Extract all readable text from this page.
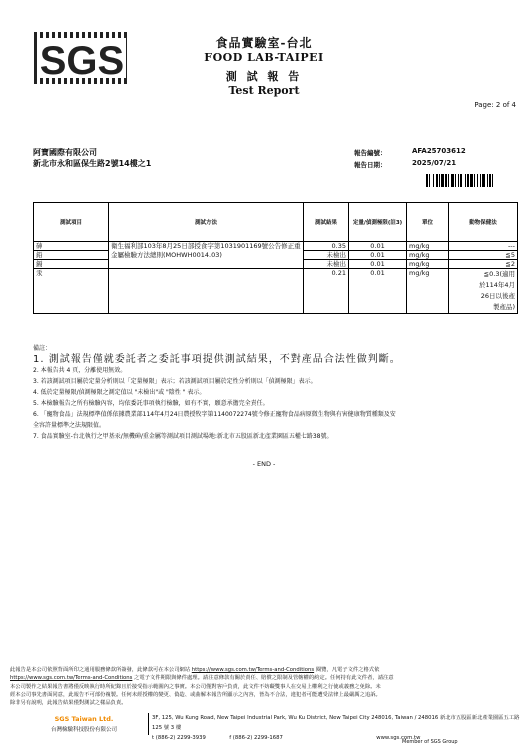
SGS	食品實驗室-台北
FOOD LAB-TAIPEI
測 試 報 告
Test Report
Page: 2 of 4
阿寶國際有限公司
新北市永和區保生路2號14樓之1
報告編號：	AFA25703612
報告日期：	2025/07/21
測試項目	測試方法	測試結果	定量/偵測極限(註3)	單位	動物保健法
砷	衛生福利部103年8月25日部授食字第1031901169號公告修正重金屬檢驗方法總則(MOHWH0014.03)	0.35	0.01	mg/kg	---
鉛		未檢出	0.01	mg/kg	≦5
鎘		未檢出	0.01	mg/kg	≦2
汞		0.21	0.01	mg/kg	≦0.3(適用
於114年4月
26日以後產
製產品)
備註：
1. 測試報告僅就委託者之委託事項提供測試結果，不對產品合法性做判斷。
2. 本報告共 4 頁，分離使用無效。
3. 若該測試項目屬於定量分析則以「定量極限」表示；若該測試項目屬於定性分析則以「偵測極限」表示。
4. 低於定量極限/偵測極限之測定值以 "未檢出"或 "陰性 " 表示。
5. 本檢驗報告之所有檢驗內容，均依委託事項執行檢驗，如有不實，願意承擔完全責任。
6. 「寵物食品」法規標準值係依據農業部114年4月24日農授牧字第1140072274號令修正寵物食品病原微生物與有害健康物質種類及安
全容許量標準之法規限值。
7. 食品實驗室-台北執行之甲基汞/無機砷/重金屬等測試項目測試場地:新北市五股區新北產業園區五權七路38號。
- END -
此報告是本公司依照背面所印之通用服務條款所簽發，此條款可在本公司網站 https://www.sgs.com.tw/Terms-and-Conditions 閱覽，凡電子文件之格式依
https://www.sgs.com.tw/Terms-and-Conditions 之電子文件期限與條件處理。請注意條款有關於責任、賠償之限制及管轄權的約定。任何持有此文件者，請注意
本公司製作之結果報告書將僅反映執行時所紀錄且於接受指示範圍內之事實。本公司僅對客戶負責，此文件不妨礙雙事人在交易上權利之行使或義務之免除。未
經本公司事先書面同意，此報告不可部份複製。任何未經授權的變更、偽造、或曲解本報告所顯示之內容，皆為不合法，違犯者可能遭受法律上最嚴厲之追訴。
除非另有說明，此報告結果僅對測試之樣品負責。
SGS Taiwan Ltd.
台灣檢驗科技股份有限公司
3F, 125, Wu Kung Road, New Taipei Industrial Park, Wu Ku District, New Taipei City 248016, Taiwan / 248016 新北市五股區新北產業園區五工路 125 號 3 樓
t (886-2) 2299-3939	f (886-2) 2299-1687	www.sgs.com.tw
Member of SGS Group
